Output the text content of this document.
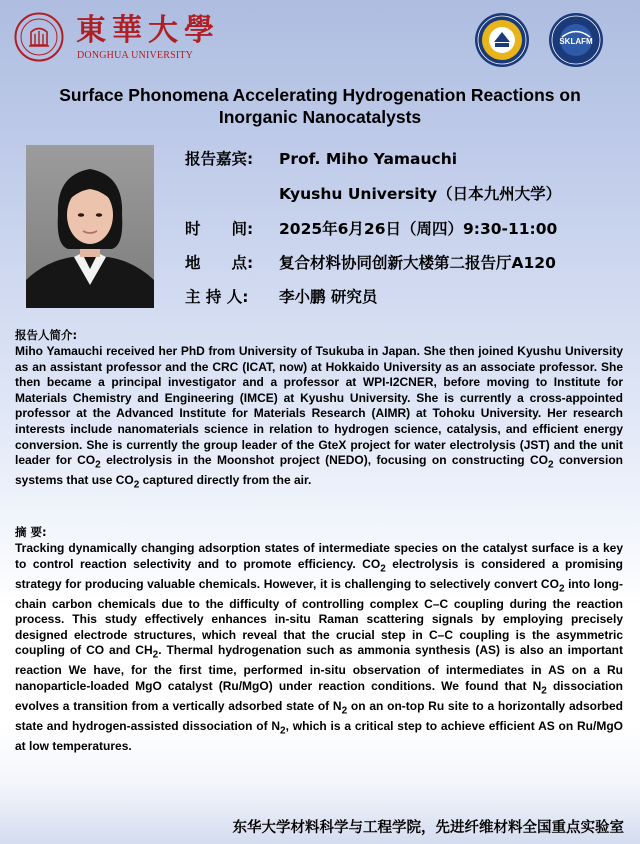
東華大學
DONGHUA UNIVERSITY
SKLAFM
Surface Phonomena Accelerating Hydrogenation Reactions on
Inorganic Nanocatalysts
报告嘉宾: Prof. Miho Yamauchi
Kyushu University（日本九州大学）
时　　间: 2025年6月26日（周四）9:30-11:00
地　　点: 复合材料协同创新大楼第二报告厅A120
主 持 人: 李小鹏 研究员
报告人简介:

Miho Yamauchi received her PhD from University of Tsukuba in Japan. She then joined Kyushu University as an assistant professor and the CRC (ICAT, now) at Hokkaido University as an associate professor. She then became a principal investigator and a professor at WPI-I2CNER, before moving to Institute for Materials Chemistry and Engineering (IMCE) at Kyushu University. She is currently a cross-appointed professor at the Advanced Institute for Materials Research (AIMR) at Tohoku University. Her research interests include nanomaterials science in relation to hydrogen science, catalysis, and efficient energy conversion. She is currently the group leader of the GteX project for water electrolysis (JST) and the unit leader for $CO_2$ electrolysis in the Moonshot project (NEDO), focusing on constructing $CO_2$ conversion systems that use $CO_2$ captured directly from the air.

摘 要:

Tracking dynamically changing adsorption states of intermediate species on the catalyst surface is a key to control reaction selectivity and to promote efficiency. $CO_2$ electrolysis is considered a promising strategy for producing valuable chemicals. However, it is challenging to selectively convert $CO_2$ into long-chain carbon chemicals due to the difficulty of controlling complex C–C coupling during the reaction process. This study effectively enhances in-situ Raman scattering signals by employing precisely designed electrode structures, which reveal that the crucial step in C–C coupling is the asymmetric coupling of CO and $CH_2$. Thermal hydrogenation such as ammonia synthesis (AS) is also an important reaction We have, for the first time, performed in-situ observation of intermediates in AS on a Ru nanoparticle-loaded MgO catalyst (Ru/MgO) under reaction conditions. We found that $N_2$ dissociation evolves a transition from a vertically adsorbed state of $N_2$ on an on-top Ru site to a horizontally adsorbed state and hydrogen-assisted dissociation of $N_2$, which is a critical step to achieve efficient AS on Ru/MgO at low temperatures.

东华大学材料科学与工程学院，先进纤维材料全国重点实验室
